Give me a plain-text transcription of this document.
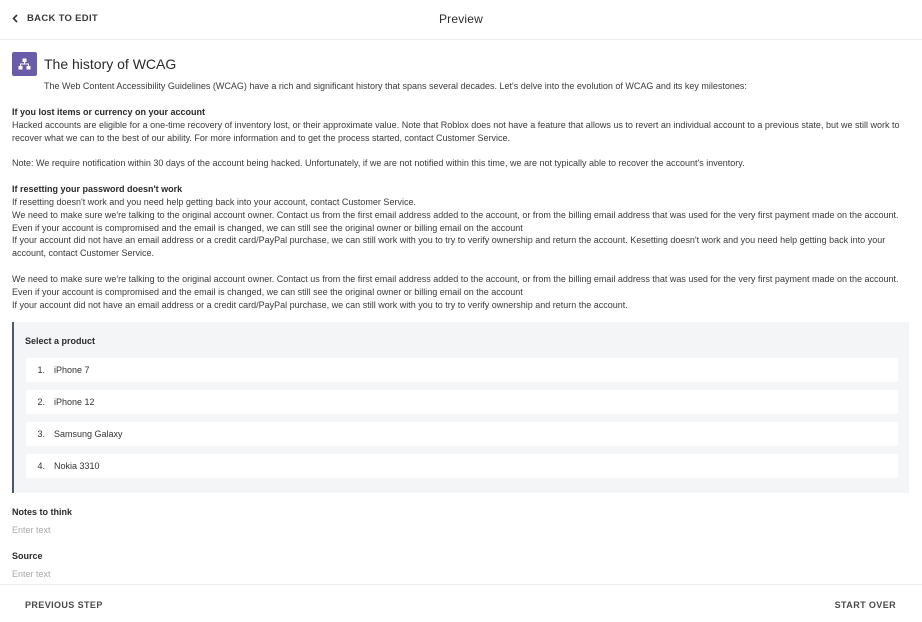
BACK TO EDIT	Preview
The history of WCAG
The Web Content Accessibility Guidelines (WCAG) have a rich and significant history that spans several decades. Let's delve into the evolution of WCAG and its key milestones:
If you lost items or currency on your account
Hacked accounts are eligible for a one-time recovery of inventory lost, or their approximate value. Note that Roblox does not have a feature that allows us to revert an individual account to a previous state, but we still work to recover what we can to the best of our ability. For more information and to get the process started, contact Customer Service.
Note: We require notification within 30 days of the account being hacked. Unfortunately, if we are not notified within this time, we are not typically able to recover the account's inventory.
If resetting your password doesn't work
If resetting doesn't work and you need help getting back into your account, contact Customer Service.
We need to make sure we're talking to the original account owner. Contact us from the first email address added to the account, or from the billing email address that was used for the very first payment made on the account. Even if your account is compromised and the email is changed, we can still see the original owner or billing email on the account
If your account did not have an email address or a credit card/PayPal purchase, we can still work with you to try to verify ownership and return the account. Kesetting doesn't work and you need help getting back into your account, contact Customer Service.
We need to make sure we're talking to the original account owner. Contact us from the first email address added to the account, or from the billing email address that was used for the very first payment made on the account. Even if your account is compromised and the email is changed, we can still see the original owner or billing email on the account
If your account did not have an email address or a credit card/PayPal purchase, we can still work with you to try to verify ownership and return the account.
Select a product
1.	iPhone 7
2.	iPhone 12
3.	Samsung Galaxy
4.	Nokia 3310
Notes to think
Enter text
Source
Enter text
PREVIOUS STEP	START OVER
